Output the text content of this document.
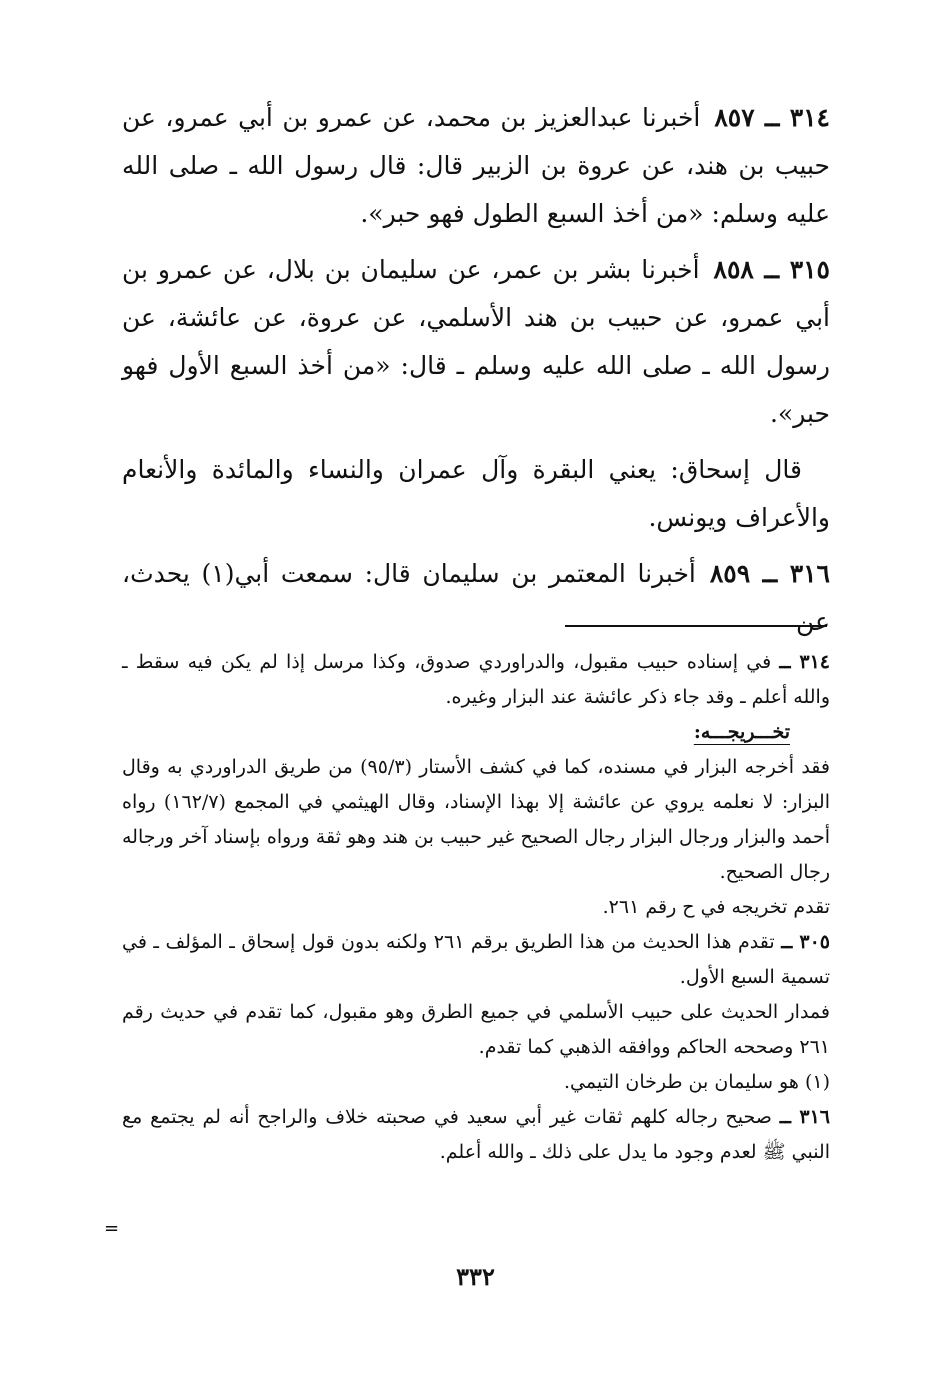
٣١٤ ــ ٨٥٧أخبرنا عبدالعزيز بن محمد، عن عمرو بن أبي عمرو، عن حبيب بن هند، عن عروة بن الزبير قال: قال رسول الله ـ صلى الله عليه وسلم: «من أخذ السبع الطول فهو حبر».

٣١٥ ــ ٨٥٨أخبرنا بشر بن عمر، عن سليمان بن بلال، عن عمرو بن أبي عمرو، عن حبيب بن هند الأسلمي، عن عروة، عن عائشة، عن رسول الله ـ صلى الله عليه وسلم ـ قال: «من أخذ السبع الأول فهو حبر».

قال إسحاق: يعني البقرة وآل عمران والنساء والمائدة والأنعام والأعراف ويونس.

٣١٦ ــ ٨٥٩أخبرنا المعتمر بن سليمان قال: سمعت أبي(١) يحدث، عن

٣١٤ ــ في إسناده حبيب مقبول، والدراوردي صدوق، وكذا مرسل إذا لم يكن فيه سقط ـ والله أعلم ـ وقد جاء ذكر عائشة عند البزار وغيره.

تخـــريجـــه:

فقد أخرجه البزار في مسنده، كما في كشف الأستار (٩٥/٣) من طريق الدراوردي به وقال البزار: لا نعلمه يروي عن عائشة إلا بهذا الإسناد، وقال الهيثمي في المجمع (١٦٢/٧) رواه أحمد والبزار ورجال البزار رجال الصحيح غير حبيب بن هند وهو ثقة ورواه بإسناد آخر ورجاله رجال الصحيح.

تقدم تخريجه في ح رقم ٢٦١.

٣٠٥ ــ تقدم هذا الحديث من هذا الطريق برقم ٢٦١ ولكنه بدون قول إسحاق ـ المؤلف ـ في تسمية السبع الأول.

فمدار الحديث على حبيب الأسلمي في جميع الطرق وهو مقبول، كما تقدم في حديث رقم ٢٦١ وصححه الحاكم ووافقه الذهبي كما تقدم.

(١) هو سليمان بن طرخان التيمي.

٣١٦ ــ صحيح رجاله كلهم ثقات غير أبي سعيد في صحبته خلاف والراجح أنه لم يجتمع مع النبي ﷺ لعدم وجود ما يدل على ذلك ـ والله أعلم.

=
٣٣٢
